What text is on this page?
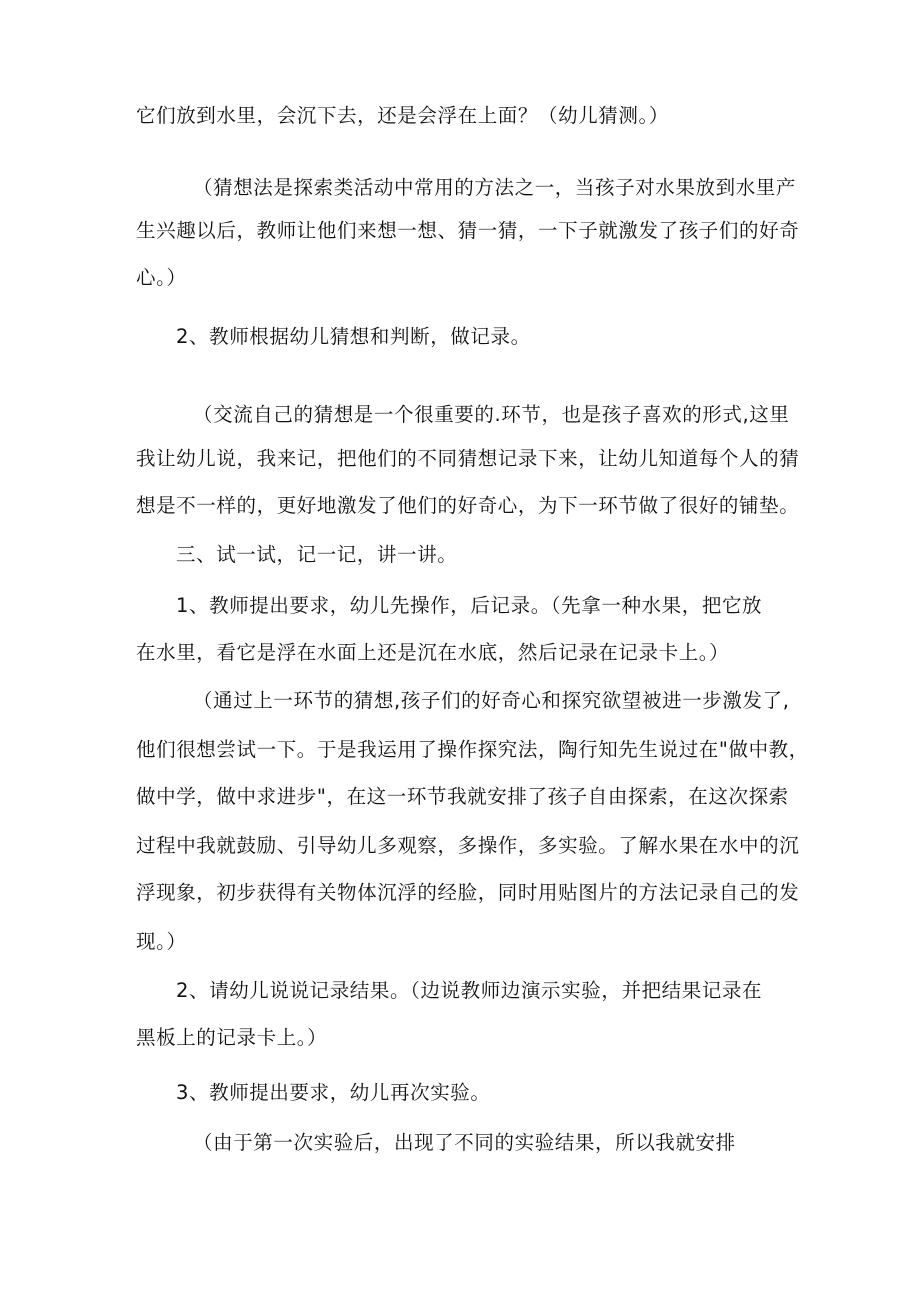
它们放到水里，会沉下去，还是会浮在上面？（幼儿猜测。）
（猜想法是探索类活动中常用的方法之一，当孩子对水果放到水里产
生兴趣以后，教师让他们来想一想、猜一猜，一下子就激发了孩子们的好奇
心。）
2、教师根据幼儿猜想和判断，做记录。
（交流自己的猜想是一个很重要的.环节，也是孩子喜欢的形式,这里
我让幼儿说，我来记，把他们的不同猜想记录下来，让幼儿知道每个人的猜
想是不一样的，更好地激发了他们的好奇心，为下一环节做了很好的铺垫。
三、试一试，记一记，讲一讲。
1、教师提出要求，幼儿先操作，后记录。（先拿一种水果，把它放
在水里，看它是浮在水面上还是沉在水底，然后记录在记录卡上。）
（通过上一环节的猜想,孩子们的好奇心和探究欲望被进一步激发了,
他们很想尝试一下。于是我运用了操作探究法，陶行知先生说过在"做中教，
做中学，做中求进步"，在这一环节我就安排了孩子自由探索，在这次探索
过程中我就鼓励、引导幼儿多观察，多操作，多实验。了解水果在水中的沉
浮现象，初步获得有关物体沉浮的经脸，同时用贴图片的方法记录自己的发
现。）
2、请幼儿说说记录结果。（边说教师边演示实验，并把结果记录在
黑板上的记录卡上。）
3、教师提出要求，幼儿再次实验。
（由于第一次实验后，出现了不同的实验结果，所以我就安排
